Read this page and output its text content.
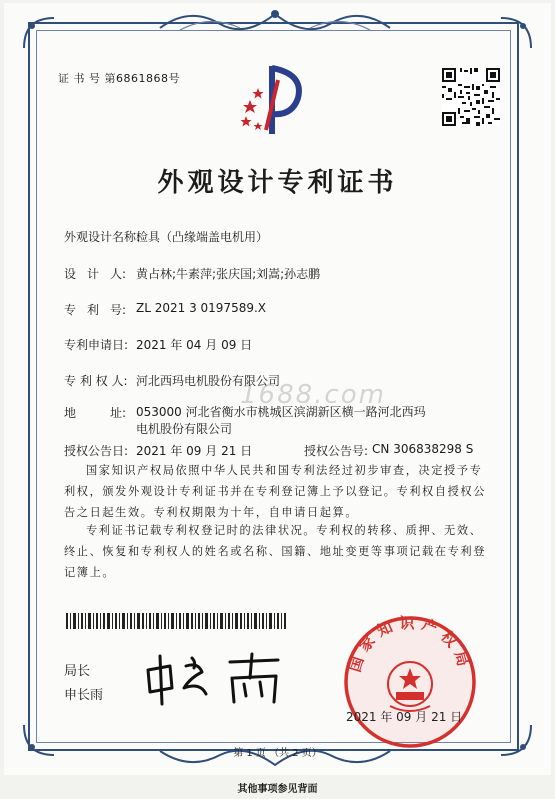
证 书 号 第6861868号
外观设计专利证书
外观设计名称:
检具（凸缘端盖电机用）
设 计 人: 黄占林;牛素萍;张庆国;刘嵩;孙志鹏
专 利 号: ZL 2021 3 0197589.X
专利申请日: 2021 年 04 月 09 日
专 利 权 人: 河北西玛电机股份有限公司
地	址: 053000 河北省衡水市桃城区滨湖新区横一路河北西玛电机股份有限公司
授权公告日: 2021 年 09 月 21 日	授权公告号: CN 306838298 S
1688.com
国家知识产权局依照中华人民共和国专利法经过初步审查，决定授予专利权，颁发外观设计专利证书并在专利登记簿上予以登记。专利权自授权公告之日起生效。专利权期限为十年，自申请日起算。
专利证书记载专利权登记时的法律状况。专利权的转移、质押、无效、终止、恢复和专利权人的姓名或名称、国籍、地址变更等事项记载在专利登记簿上。
局长
申长雨
国家知识产权局
2021 年 09 月 21 日
第 1 页 （共 2 页）
其他事项参见背面
